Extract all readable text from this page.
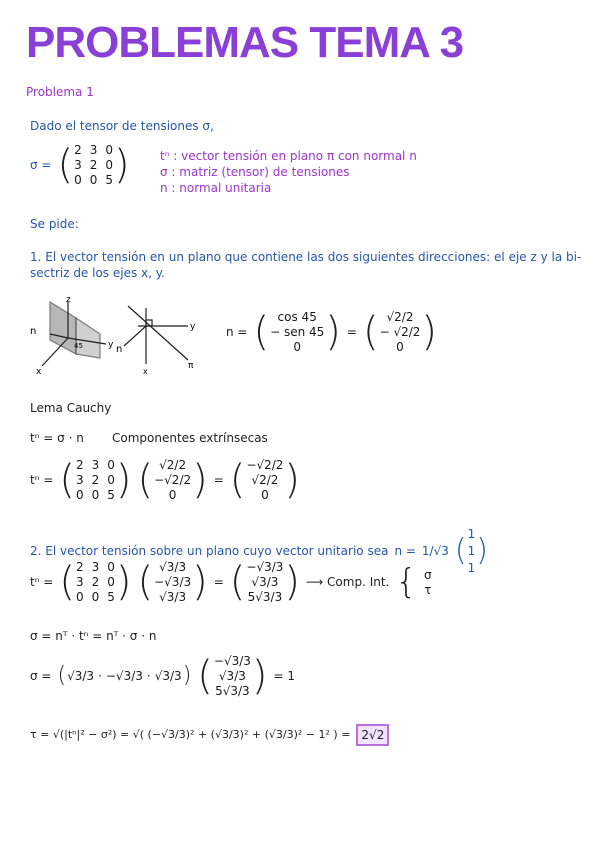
PROBLEMAS TEMA 3
Problema 1
Dado el tensor de tensiones σ,
σ = ( 2 3 0
3 2 0
0 0 5 )	tⁿ : vector tensión en plano π con normal n
σ : matriz (tensor) de tensiones
n : normal unitaria
Se pide:
1. El vector tensión en un plano que contiene las dos siguientes direcciones: el eje z y la bi-
sectriz de los ejes x, y.
z
y
x
n
45
y
x
n
π
n = ( cos 45
− sen 45
0 ) = ( √2/2
− √2/2
0 )
Lema Cauchy
tⁿ = σ · n Componentes extrínsecas
tⁿ = ( 2 3 0
3 2 0
0 0 5 ) ( √2/2
−√2/2
0 ) = ( −√2/2
√2/2
0 )
2. El vector tensión sobre un plano cuyo vector unitario sea n = 1/√3 ( 1
1
1 )
tⁿ = ( 2 3 0
3 2 0
0 0 5 ) ( √3/3
−√3/3
√3/3 ) = ( −√3/3
√3/3
5√3/3 ) ⟶ Comp. Int. { σ
τ
σ = nᵀ · tⁿ = nᵀ · σ · n
σ = ( √3/3 · −√3/3 · √3/3 ) ( −√3/3
√3/3
5√3/3 ) = 1
τ = √(|tⁿ|² − σ²) = √( (−√3/3)² + (√3/3)² + (√3/3)² − 1² ) = 2√2
